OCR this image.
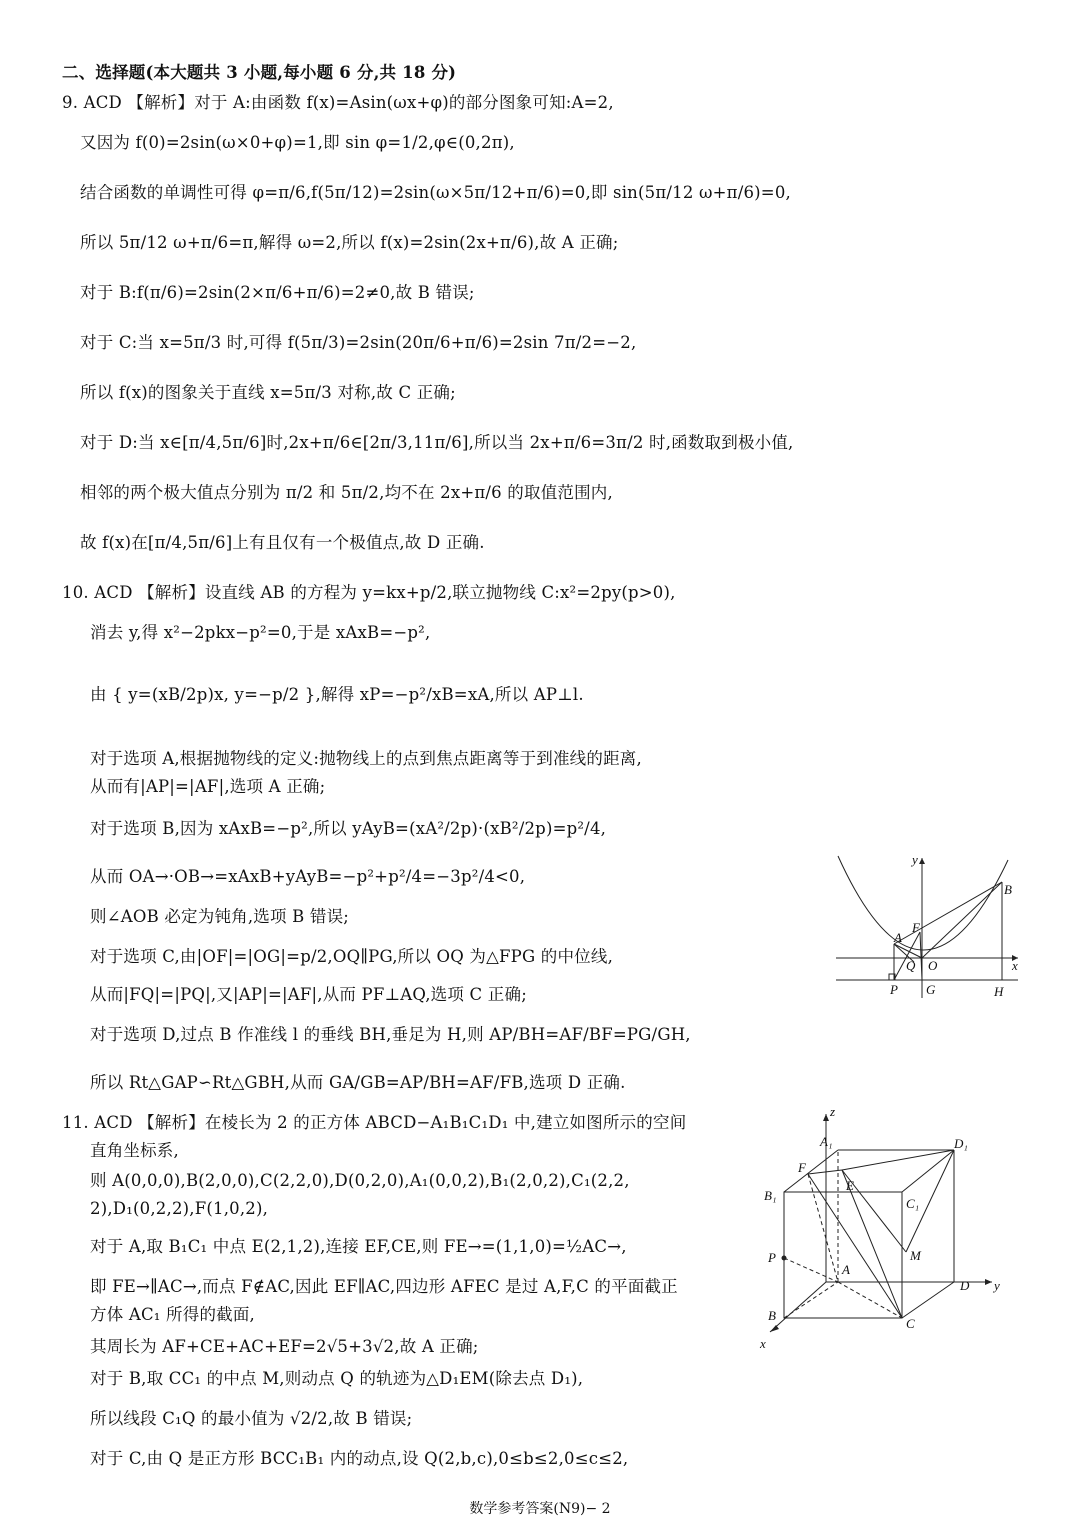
二、选择题(本大题共 3 小题,每小题 6 分,共 18 分)
9. ACD 【解析】对于 A:由函数 f(x)=Asin(ωx+φ)的部分图象可知:A=2,
又因为 f(0)=2sin(ω×0+φ)=1,即 sin φ=1/2,φ∈(0,2π),
结合函数的单调性可得 φ=π/6,f(5π/12)=2sin(ω×5π/12+π/6)=0,即 sin(5π/12 ω+π/6)=0,
所以 5π/12 ω+π/6=π,解得 ω=2,所以 f(x)=2sin(2x+π/6),故 A 正确;
对于 B:f(π/6)=2sin(2×π/6+π/6)=2≠0,故 B 错误;
对于 C:当 x=5π/3 时,可得 f(5π/3)=2sin(20π/6+π/6)=2sin 7π/2=−2,
所以 f(x)的图象关于直线 x=5π/3 对称,故 C 正确;
对于 D:当 x∈[π/4,5π/6]时,2x+π/6∈[2π/3,11π/6],所以当 2x+π/6=3π/2 时,函数取到极小值,
相邻的两个极大值点分别为 π/2 和 5π/2,均不在 2x+π/6 的取值范围内,
故 f(x)在[π/4,5π/6]上有且仅有一个极值点,故 D 正确.
10. ACD 【解析】设直线 AB 的方程为 y=kx+p/2,联立抛物线 C:x²=2py(p>0),
消去 y,得 x²−2pkx−p²=0,于是 xAxB=−p²,
由 { y=(xB/2p)x, y=−p/2 },解得 xP=−p²/xB=xA,所以 AP⊥l.
对于选项 A,根据抛物线的定义:抛物线上的点到焦点距离等于到准线的距离,
从而有|AP|=|AF|,选项 A 正确;
对于选项 B,因为 xAxB=−p²,所以 yAyB=(xA²/2p)·(xB²/2p)=p²/4,
从而 OA→·OB→=xAxB+yAyB=−p²+p²/4=−3p²/4<0,
则∠AOB 必定为钝角,选项 B 错误;
对于选项 C,由|OF|=|OG|=p/2,OQ∥PG,所以 OQ 为△FPG 的中位线,
从而|FQ|=|PQ|,又|AP|=|AF|,从而 PF⊥AQ,选项 C 正确;
对于选项 D,过点 B 作准线 l 的垂线 BH,垂足为 H,则 AP/BH=AF/BF=PG/GH,
所以 Rt△GAP∽Rt△GBH,从而 GA/GB=AP/BH=AF/FB,选项 D 正确.
11. ACD 【解析】在棱长为 2 的正方体 ABCD−A₁B₁C₁D₁ 中,建立如图所示的空间
直角坐标系,
则 A(0,0,0),B(2,0,0),C(2,2,0),D(0,2,0),A₁(0,0,2),B₁(2,0,2),C₁(2,2,
2),D₁(0,2,2),F(1,0,2),
对于 A,取 B₁C₁ 中点 E(2,1,2),连接 EF,CE,则 FE→=(1,1,0)=½AC→,
即 FE→∥AC→,而点 F∉AC,因此 EF∥AC,四边形 AFEC 是过 A,F,C 的平面截正
方体 AC₁ 所得的截面,
其周长为 AF+CE+AC+EF=2√5+3√2,故 A 正确;
对于 B,取 CC₁ 的中点 M,则动点 Q 的轨迹为△D₁EM(除去点 D₁),
所以线段 C₁Q 的最小值为 √2/2,故 B 错误;
对于 C,由 Q 是正方形 BCC₁B₁ 内的动点,设 Q(2,b,c),0≤b≤2,0≤c≤2,
y
x
B
F
A
Q O
P G	H
z
A₁	D₁
F
E
B₁
C₁
P	M
A
D y
B
C
x
数学参考答案(N9)− 2
